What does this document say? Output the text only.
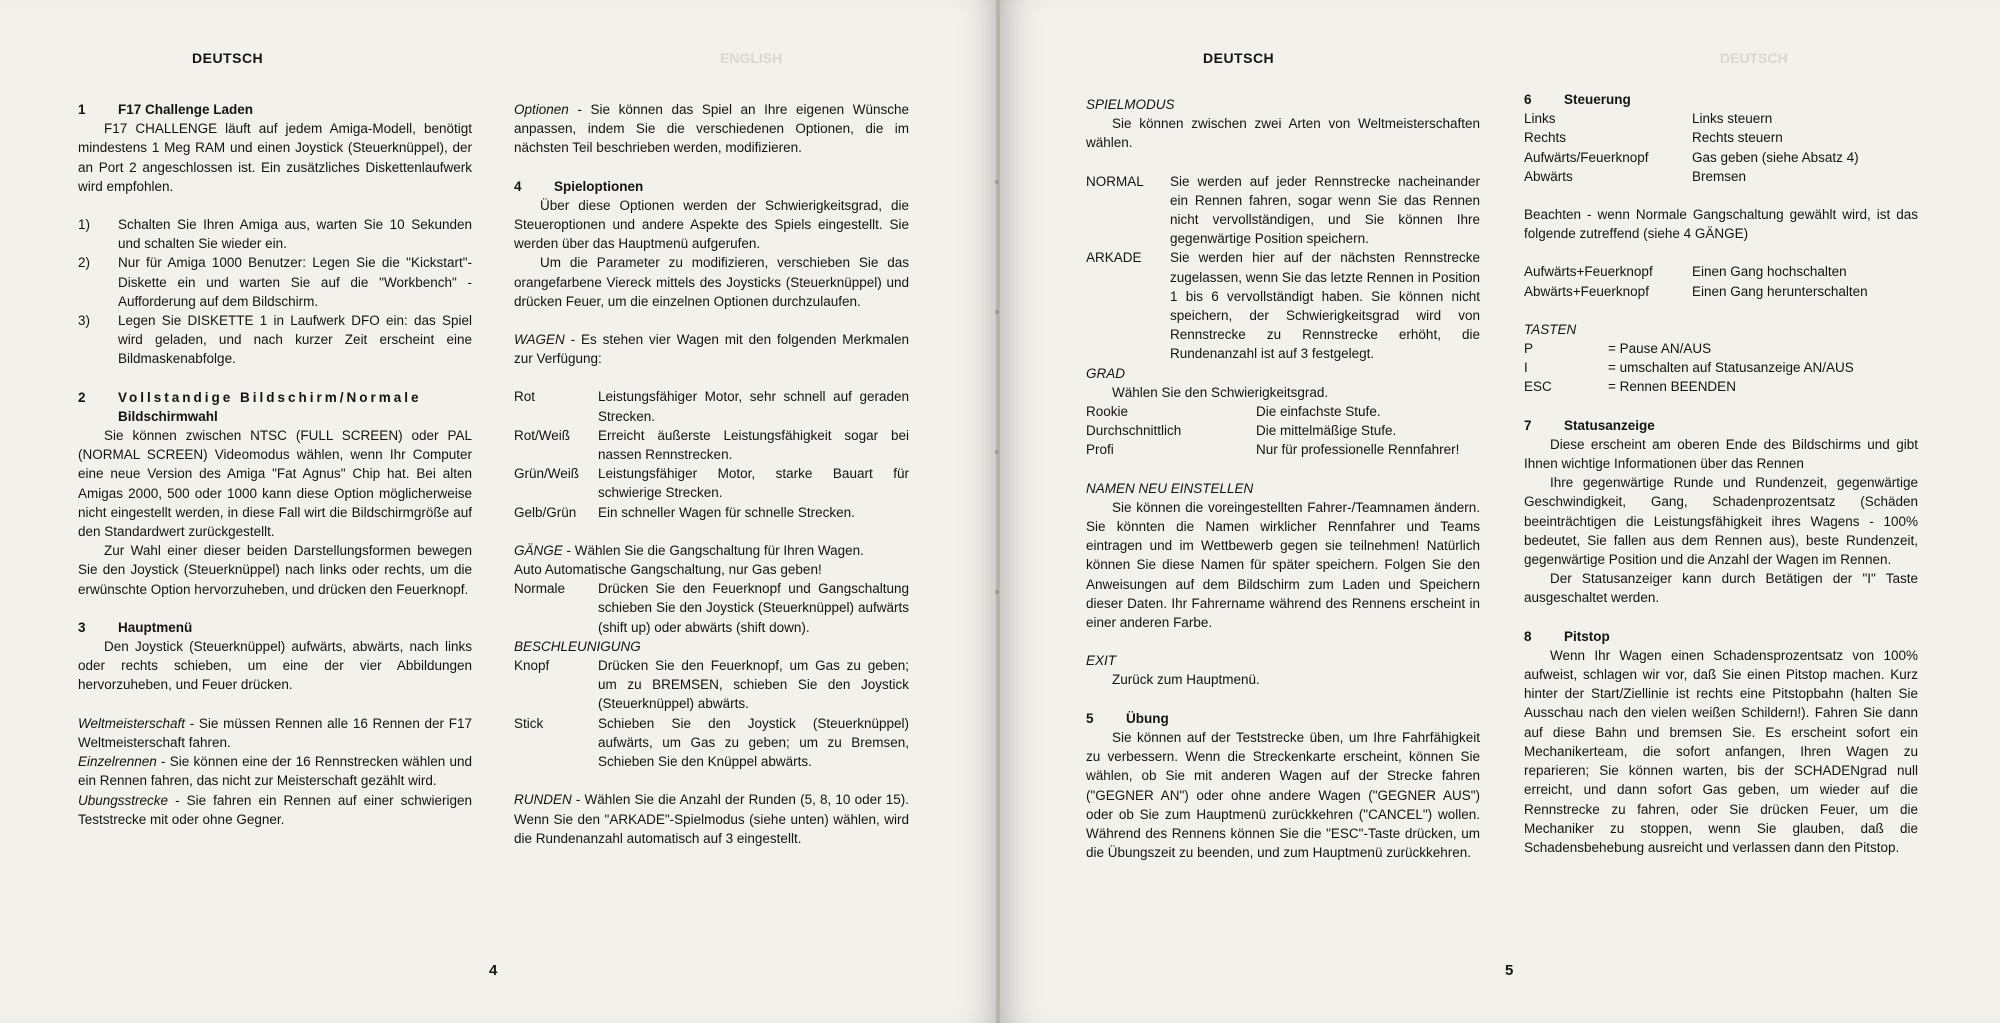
DEUTSCH	ENGLISH

1 F17 Challenge Laden

F17 CHALLENGE läuft auf jedem Amiga-Modell, benötigt mindestens 1 Meg RAM und einen Joystick (Steuerknüppel), der an Port 2 angeschlossen ist. Ein zusätzliches Diskettenlaufwerk wird empfohlen.

1)	Schalten Sie Ihren Amiga aus, warten Sie 10 Sekunden und schalten Sie wieder ein.
2)	Nur für Amiga 1000 Benutzer: Legen Sie die "Kickstart"- Diskette ein und warten Sie auf die "Workbench" - Aufforderung auf dem Bildschirm.
3)	Legen Sie DISKETTE 1 in Laufwerk DFO ein: das Spiel wird geladen, und nach kurzer Zeit erscheint eine Bildmaskenabfolge.

2 Vollstandige Bildschirm/Normale

Bildschirmwahl

Sie können zwischen NTSC (FULL SCREEN) oder PAL (NORMAL SCREEN) Videomodus wählen, wenn Ihr Computer eine neue Version des Amiga "Fat Agnus" Chip hat. Bei alten Amigas 2000, 500 oder 1000 kann diese Option möglicherweise nicht eingestellt werden, in diese Fall wirt die Bildschirmgröße auf den Standardwert zurückgestellt.

Zur Wahl einer dieser beiden Darstellungsformen bewegen Sie den Joystick (Steuerknüppel) nach links oder rechts, um die erwünschte Option hervorzuheben, und drücken den Feuerknopf.

3 Hauptmenü

Den Joystick (Steuerknüppel) aufwärts, abwärts, nach links oder rechts schieben, um eine der vier Abbildungen hervorzuheben, und Feuer drücken.

Weltmeisterschaft - Sie müssen Rennen alle 16 Rennen der F17 Weltmeisterschaft fahren.

Einzelrennen - Sie können eine der 16 Rennstrecken wählen und ein Rennen fahren, das nicht zur Meisterschaft gezählt wird.

Ubungsstrecke - Sie fahren ein Rennen auf einer schwierigen Teststrecke mit oder ohne Gegner.

Optionen - Sie können das Spiel an Ihre eigenen Wünsche anpassen, indem Sie die verschiedenen Optionen, die im nächsten Teil beschrieben werden, modifizieren.

4 Spieloptionen

Über diese Optionen werden der Schwierigkeitsgrad, die Steueroptionen und andere Aspekte des Spiels eingestellt. Sie werden über das Hauptmenü aufgerufen.

Um die Parameter zu modifizieren, verschieben Sie das orangefarbene Viereck mittels des Joysticks (Steuerknüppel) und drücken Feuer, um die einzelnen Optionen durchzulaufen.

WAGEN - Es stehen vier Wagen mit den folgenden Merkmalen zur Verfügung:

Rot	Leistungsfähiger Motor, sehr schnell auf geraden Strecken.
Rot/Weiß	Erreicht äußerste Leistungsfähigkeit sogar bei nassen Rennstrecken.
Grün/Weiß	Leistungsfähiger Motor, starke Bauart für schwierige Strecken.
Gelb/Grün	Ein schneller Wagen für schnelle Strecken.

GÄNGE - Wählen Sie die Gangschaltung für Ihren Wagen.

Auto Automatische Gangschaltung, nur Gas geben!

Normale	Drücken Sie den Feuerknopf und Gangschaltung schieben Sie den Joystick (Steuerknüppel) aufwärts (shift up) oder abwärts (shift down).

BESCHLEUNIGUNG

Knopf	Drücken Sie den Feuerknopf, um Gas zu geben; um zu BREMSEN, schieben Sie den Joystick (Steuerknüppel) abwärts.
Stick	Schieben Sie den Joystick (Steuerknüppel) aufwärts, um Gas zu geben; um zu Bremsen, Schieben Sie den Knüppel abwärts.

RUNDEN - Wählen Sie die Anzahl der Runden (5, 8, 10 oder 15). Wenn Sie den "ARKADE"-Spielmodus (siehe unten) wählen, wird die Rundenanzahl automatisch auf 3 eingestellt.

4
DEUTSCH	DEUTSCH

SPIELMODUS

Sie können zwischen zwei Arten von Weltmeisterschaften wählen.

NORMAL	Sie werden auf jeder Rennstrecke nacheinander ein Rennen fahren, sogar wenn Sie das Rennen nicht vervollständigen, und Sie können Ihre gegenwärtige Position speichern.
ARKADE	Sie werden hier auf der nächsten Rennstrecke zugelassen, wenn Sie das letzte Rennen in Position 1 bis 6 vervollständigt haben. Sie können nicht speichern, der Schwierigkeitsgrad wird von Rennstrecke zu Rennstrecke erhöht, die Rundenanzahl ist auf 3 festgelegt.

GRAD

Wählen Sie den Schwierigkeitsgrad.

Rookie	Die einfachste Stufe.
Durchschnittlich	Die mittelmäßige Stufe.
Profi	Nur für professionelle Rennfahrer!

NAMEN NEU EINSTELLEN

Sie können die voreingestellten Fahrer-/Teamnamen ändern. Sie könnten die Namen wirklicher Rennfahrer und Teams eintragen und im Wettbewerb gegen sie teilnehmen! Natürlich können Sie diese Namen für später speichern. Folgen Sie den Anweisungen auf dem Bildschirm zum Laden und Speichern dieser Daten. Ihr Fahrername während des Rennens erscheint in einer anderen Farbe.

EXIT

Zurück zum Hauptmenü.

5 Übung

Sie können auf der Teststrecke üben, um Ihre Fahrfähigkeit zu verbessern. Wenn die Streckenkarte erscheint, können Sie wählen, ob Sie mit anderen Wagen auf der Strecke fahren ("GEGNER AN") oder ohne andere Wagen ("GEGNER AUS") oder ob Sie zum Hauptmenü zurückkehren ("CANCEL") wollen. Während des Rennens können Sie die "ESC"-Taste drücken, um die Übungszeit zu beenden, und zum Hauptmenü zurückkehren.

6 Steuerung

Links	Links steuern
Rechts	Rechts steuern
Aufwärts/Feuerknopf	Gas geben (siehe Absatz 4)
Abwärts	Bremsen

Beachten - wenn Normale Gangschaltung gewählt wird, ist das folgende zutreffend (siehe 4 GÄNGE)

Aufwärts+Feuerknopf	Einen Gang hochschalten
Abwärts+Feuerknopf	Einen Gang herunterschalten

TASTEN

P	= Pause AN/AUS
I	= umschalten auf Statusanzeige AN/AUS
ESC	= Rennen BEENDEN

7 Statusanzeige

Diese erscheint am oberen Ende des Bildschirms und gibt Ihnen wichtige Informationen über das Rennen

Ihre gegenwärtige Runde und Rundenzeit, gegenwärtige Geschwindigkeit, Gang, Schadenprozentsatz (Schäden beeinträchtigen die Leistungsfähigkeit ihres Wagens - 100% bedeutet, Sie fallen aus dem Rennen aus), beste Rundenzeit, gegenwärtige Position und die Anzahl der Wagen im Rennen.

Der Statusanzeiger kann durch Betätigen der "I" Taste ausgeschaltet werden.

8 Pitstop

Wenn Ihr Wagen einen Schadensprozentsatz von 100% aufweist, schlagen wir vor, daß Sie einen Pitstop machen. Kurz hinter der Start/Ziellinie ist rechts eine Pitstopbahn (halten Sie Ausschau nach den vielen weißen Schildern!). Fahren Sie dann auf diese Bahn und bremsen Sie. Es erscheint sofort ein Mechanikerteam, die sofort anfangen, Ihren Wagen zu reparieren; Sie können warten, bis der SCHADENgrad null erreicht, und dann sofort Gas geben, um wieder auf die Rennstrecke zu fahren, oder Sie drücken Feuer, um die Mechaniker zu stoppen, wenn Sie glauben, daß die Schadensbehebung ausreicht und verlassen dann den Pitstop.

5
